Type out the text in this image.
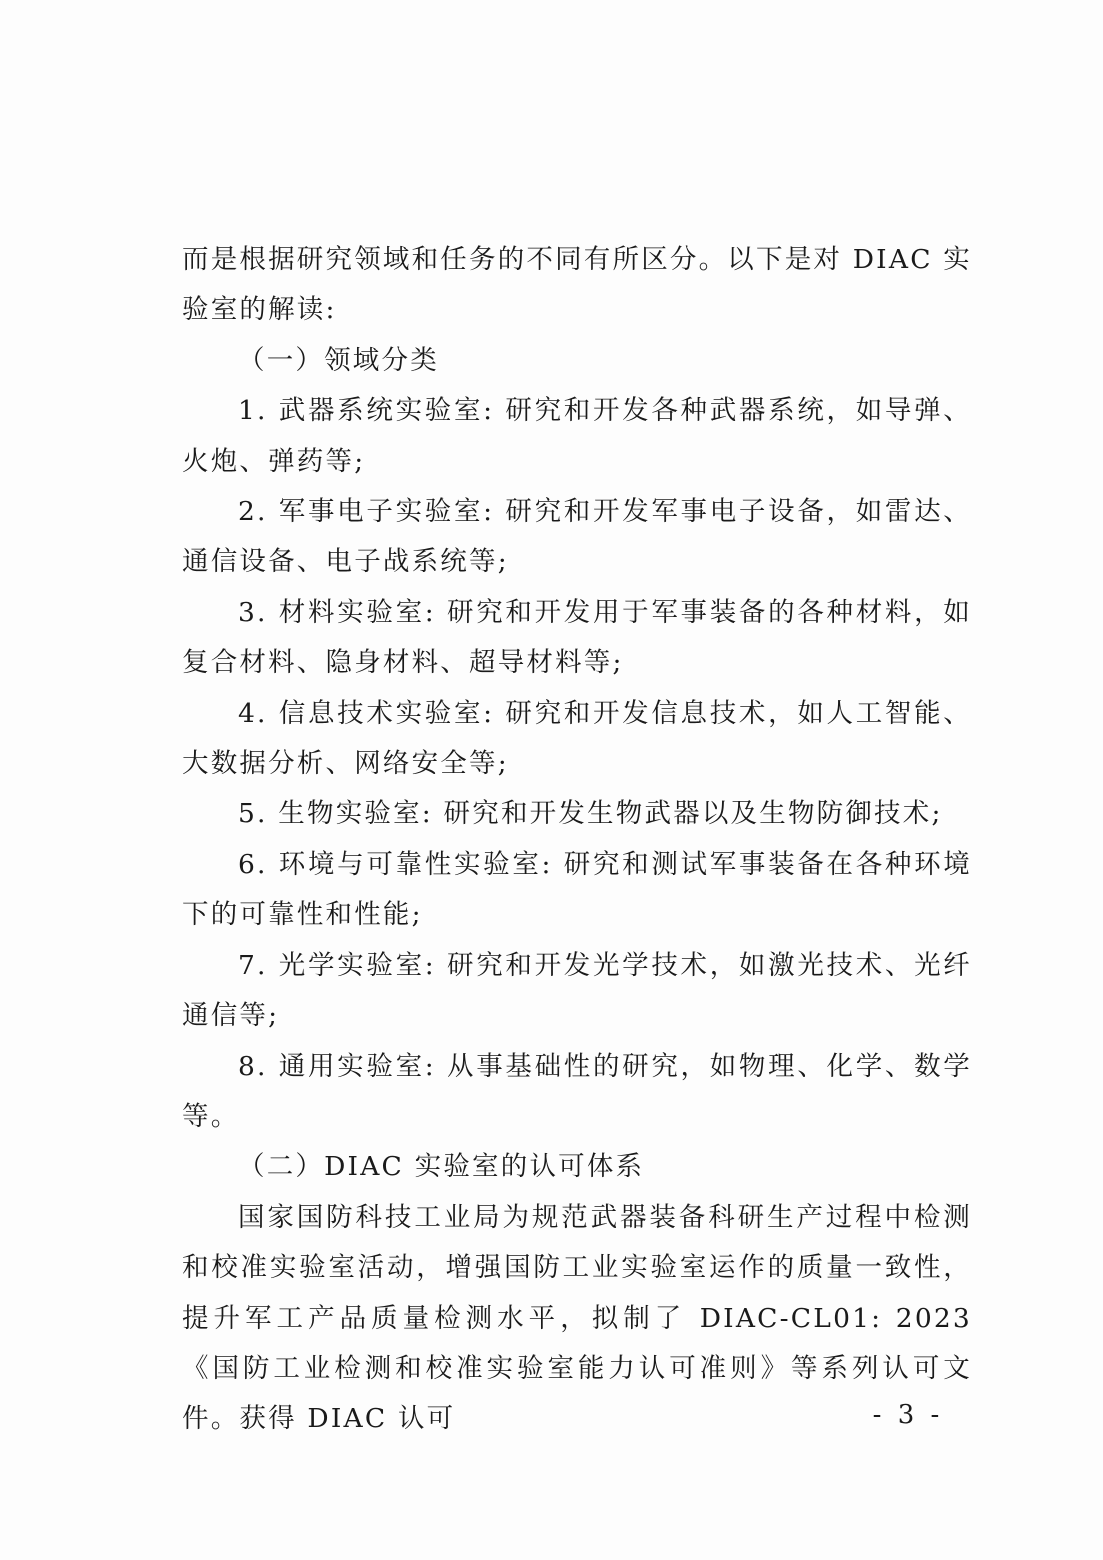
而是根据研究领域和任务的不同有所区分。以下是对 DIAC 实验室的解读:

（一）领域分类

1. 武器系统实验室: 研究和开发各种武器系统，如导弹、火炮、弹药等;

2. 军事电子实验室: 研究和开发军事电子设备，如雷达、通信设备、电子战系统等;

3. 材料实验室: 研究和开发用于军事装备的各种材料，如复合材料、隐身材料、超导材料等;

4. 信息技术实验室: 研究和开发信息技术，如人工智能、大数据分析、网络安全等;

5. 生物实验室: 研究和开发生物武器以及生物防御技术;

6. 环境与可靠性实验室: 研究和测试军事装备在各种环境下的可靠性和性能;

7. 光学实验室: 研究和开发光学技术，如激光技术、光纤通信等;

8. 通用实验室: 从事基础性的研究，如物理、化学、数学等。

（二）DIAC 实验室的认可体系

国家国防科技工业局为规范武器装备科研生产过程中检测和校准实验室活动，增强国防工业实验室运作的质量一致性，提升军工产品质量检测水平，拟制了 DIAC-CL01: 2023《国防工业检测和校准实验室能力认可准则》等系列认可文件。获得 DIAC 认可	- 3 -
